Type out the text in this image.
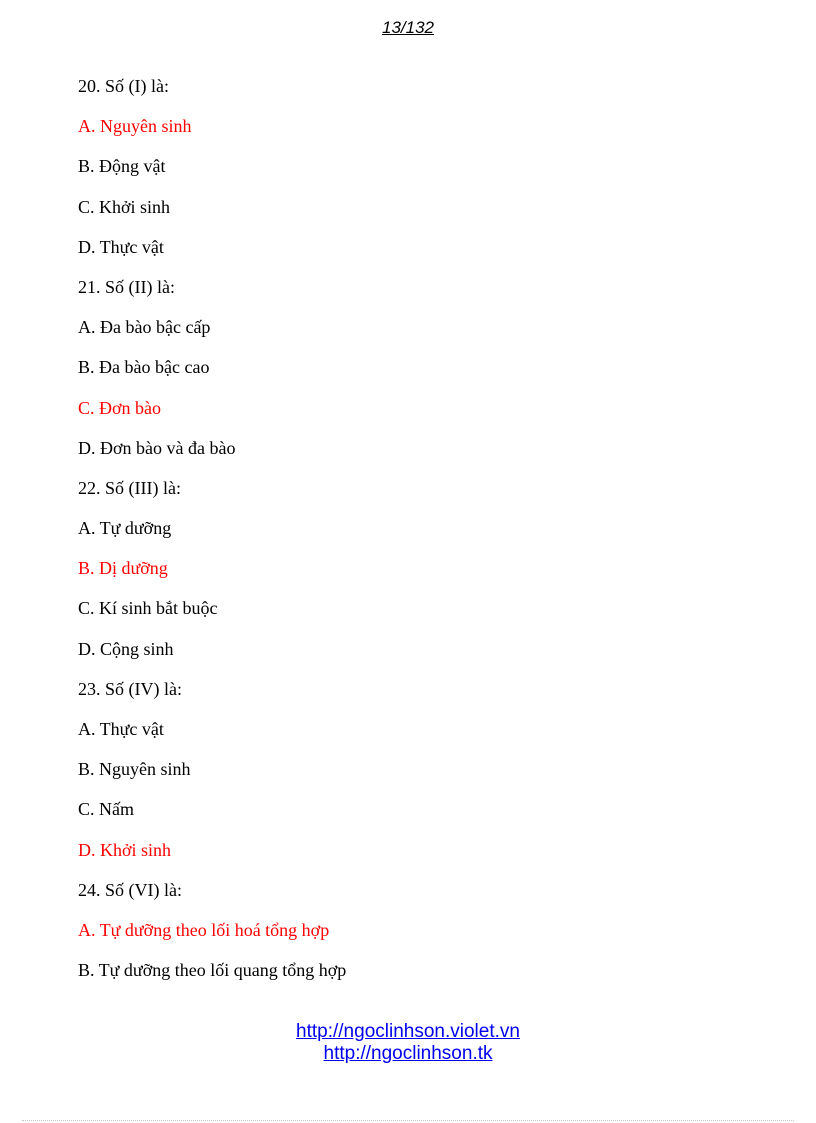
13/132
20. Số (I) là:
A. Nguyên sinh
B. Động vật
C. Khởi sinh
D. Thực vật
21. Số (II) là:
A. Đa bào bậc cấp
B. Đa bào bậc cao
C. Đơn bào
D. Đơn bào và đa bào
22. Số (III) là:
A. Tự dưỡng
B. Dị dưỡng
C. Kí sinh bắt buộc
D. Cộng sinh
23. Số (IV) là:
A. Thực vật
B. Nguyên sinh
C. Nấm
D. Khởi sinh
24. Số (VI) là:
A. Tự dưỡng theo lối hoá tổng hợp
B. Tự dưỡng theo lối quang tổng hợp
http://ngoclinhson.violet.vn
http://ngoclinhson.tk
